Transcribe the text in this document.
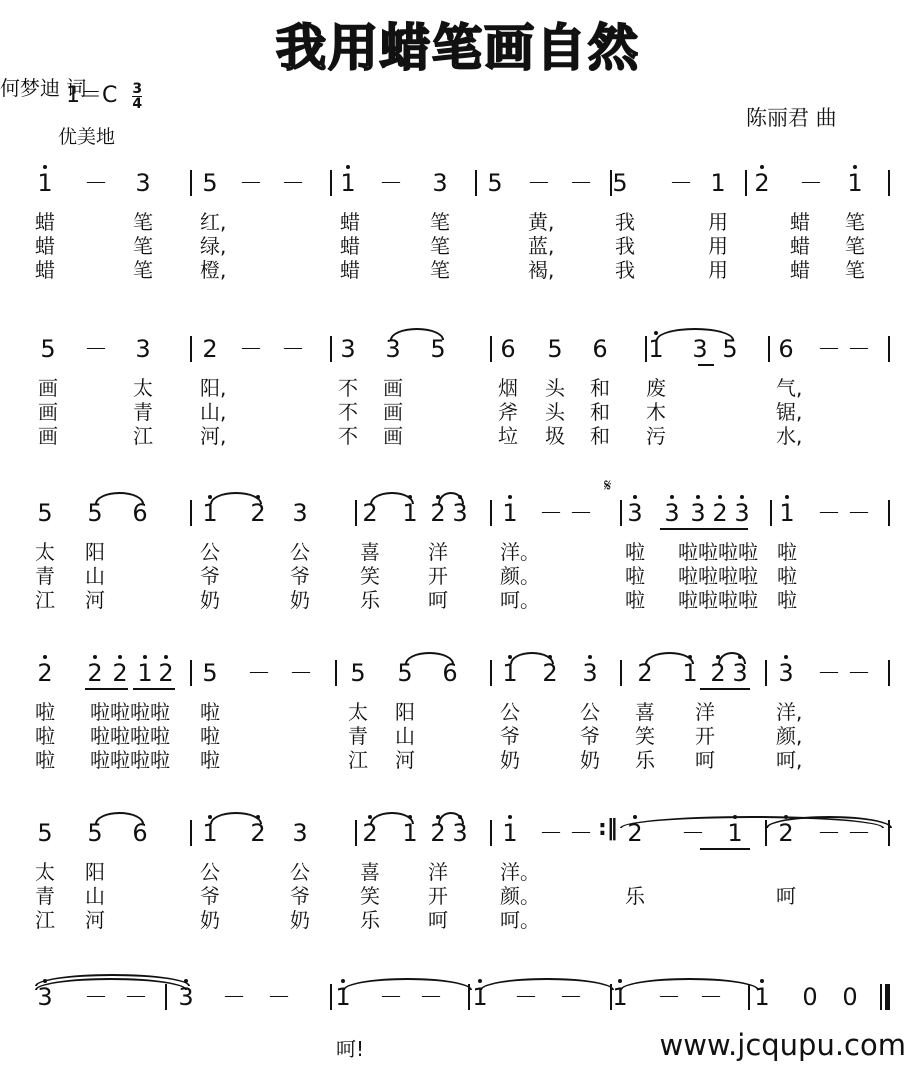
我用蜡笔画自然
$1=C \frac{3}{4}$
优美地
何梦迪 词
陈丽君 曲
1 － 3 5 － － 1 － 3 5 － － 5 － 1 2 － 1
蜡	笔 红,	蜡	笔	黄,	我	用	蜡 笔
蜡	笔 绿,	蜡	笔	蓝,	我	用	蜡 笔
蜡	笔 橙,	蜡	笔	褐,	我	用	蜡 笔
5 － 3 2 － － 3 3 5 6 5 6 1 3 5 6 － －
画	太 阳,	不 画	烟 头 和 废	气,
画	青 山,	不 画	斧 头 和 木	锯,
画	江 河,	不 画	垃 圾 和 污	水,
5 5 6 1 2 3 2 1 2 3 1 － － 3 3 3 2 3 1 － －
𝄋
太 阳	公	公	喜 洋	洋。	啦 啦啦啦啦 啦
青 山	爷	爷	笑 开	颜。	啦 啦啦啦啦 啦
江 河	奶	奶	乐 呵	呵。	啦 啦啦啦啦 啦
2 2 2 1 2 5 － － 5 5 6 1 2 3 2 1 2 3 3 － －
啦 啦啦啦啦 啦	太 阳	公	公 喜 洋	洋,
啦 啦啦啦啦 啦	青 山	爷	爷 笑 开	颜,
啦 啦啦啦啦 啦	江 河	奶	奶 乐 呵	呵,
5 5 6 1 2 3 2 1 2 3 1 － － 2 － 1 2 － －
:‖
太 阳	公	公	喜 洋	洋。
青 山	爷	爷	笑 开	颜。	乐	呵
江 河	奶	奶	乐 呵	呵。
3 － － 3 － － 1 － － 1 － － 1 － － 1 0 0
呵!	www.jcqupu.com
